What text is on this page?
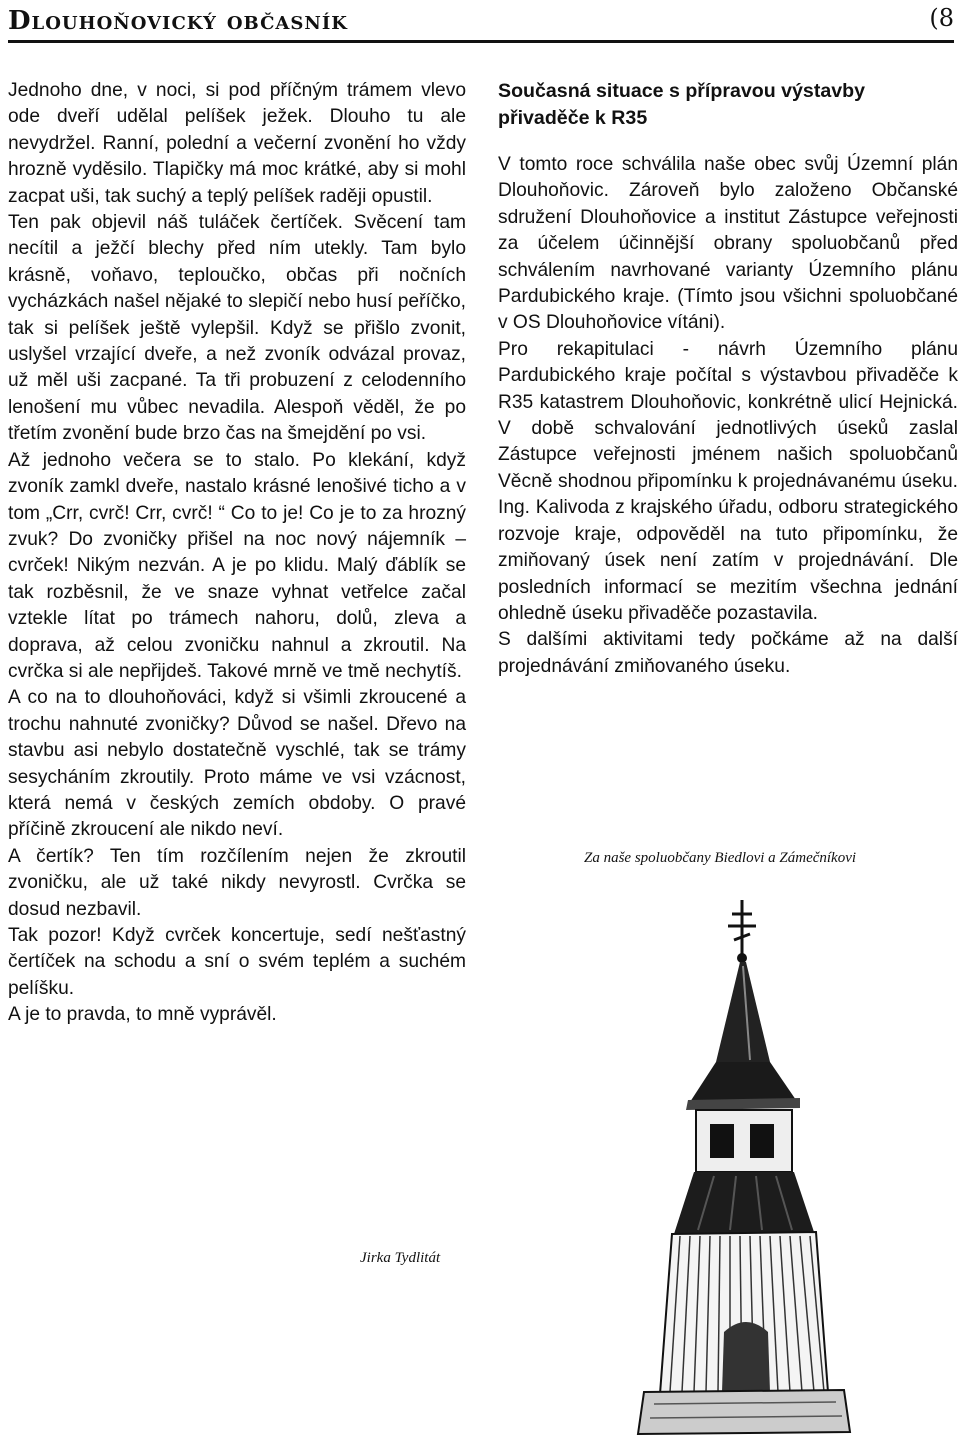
Dlouhoňovický občasník	(8

Jednoho dne, v noci, si pod příčným trámem vlevo ode dveří udělal pelíšek ježek. Dlouho tu ale nevydržel. Ranní, polední a večerní zvonění ho vždy hrozně vyděsilo. Tlapičky má moc krátké, aby si mohl zacpat uši, tak suchý a teplý pelíšek raději opustil.

Ten pak objevil náš tuláček čertíček. Svěcení tam necítil a ježčí blechy před ním utekly. Tam bylo krásně, voňavo, teploučko, občas při nočních vycházkách našel nějaké to slepičí nebo husí peříčko, tak si pelíšek ještě vylepšil. Když se přišlo zvonit, uslyšel vrzající dveře, a než zvoník odvázal provaz, už měl uši zacpané. Ta tři probuzení z celodenního lenošení mu vůbec nevadila. Alespoň věděl, že po třetím zvonění bude brzo čas na šmejdění po vsi.

Až jednoho večera se to stalo. Po klekání, když zvoník zamkl dveře, nastalo krásné lenošivé ticho a v tom „Crr, cvrč! Crr, cvrč! “ Co to je! Co je to za hrozný zvuk? Do zvoničky přišel na noc nový nájemník – cvrček! Nikým nezván. A je po klidu. Malý ďáblík se tak rozběsnil, že ve snaze vyhnat vetřelce začal vztekle lítat po trámech nahoru, dolů, zleva a doprava, až celou zvoničku nahnul a zkroutil. Na cvrčka si ale nepřijdeš. Takové mrně ve tmě nechytíš.

A co na to dlouhoňováci, když si všimli zkroucené a trochu nahnuté zvoničky? Důvod se našel. Dřevo na stavbu asi nebylo dostatečně vyschlé, tak se trámy sesycháním zkroutily. Proto máme ve vsi vzácnost, která nemá v českých zemích obdoby. O pravé příčině zkroucení ale nikdo neví.

A čertík? Ten tím rozčílením nejen že zkroutil zvoničku, ale už také nikdy nevyrostl. Cvrčka se dosud nezbavil.

Tak pozor! Když cvrček koncertuje, sedí nešťastný čertíček na schodu a sní o svém teplém a suchém pelíšku.

A je to pravda, to mně vyprávěl.

Jirka Tydlitát

Současná situace s přípravou výstavby přivaděče k R35

V tomto roce schválila naše obec svůj Územní plán Dlouhoňovic. Zároveň bylo založeno Občanské sdružení Dlouhoňovice a institut Zástupce veřejnosti za účelem účinnější obrany spoluobčanů před schválením navrhované varianty Územního plánu Pardubického kraje. (Tímto jsou všichni spoluobčané v OS Dlouhoňovice vítáni).

Pro rekapitulaci - návrh Územního plánu Pardubického kraje počítal s výstavbou přivaděče k R35 katastrem Dlouhoňovic, konkrétně ulicí Hejnická. V době schvalování jednotlivých úseků zaslal Zástupce veřejnosti jménem našich spoluobčanů Věcně shodnou připomínku k projednávanému úseku. Ing. Kalivoda z krajského úřadu, odboru strategického rozvoje kraje, odpověděl na tuto připomínku, že zmiňovaný úsek není zatím v projednávání. Dle posledních informací se mezitím všechna jednání ohledně úseku přivaděče pozastavila.

S dalšími aktivitami tedy počkáme až na další projednávání zmiňovaného úseku.

Za naše spoluobčany Biedlovi a Zámečníkovi
